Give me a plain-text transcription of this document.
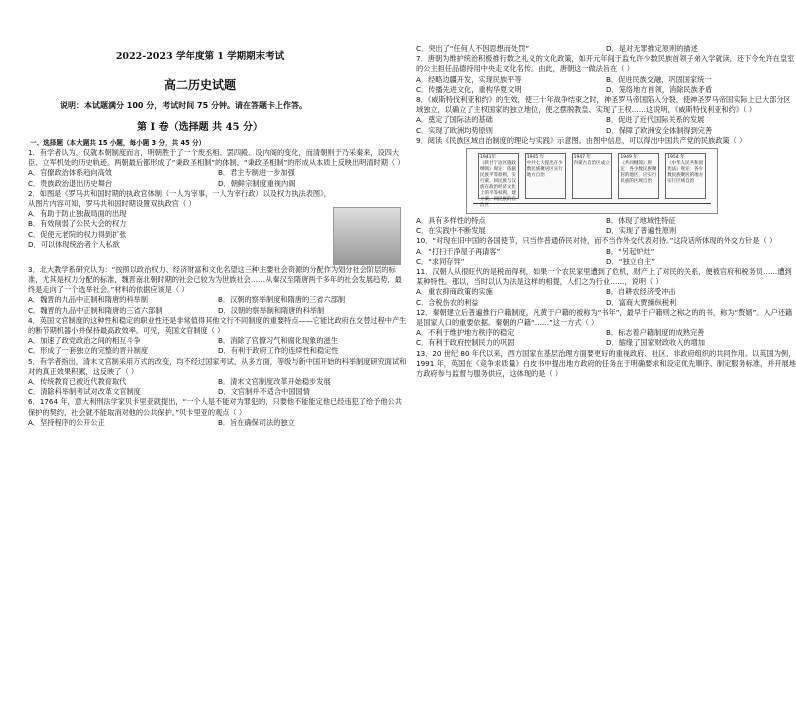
2022-2023 学年度第 1 学期期末考试
高二历史试题
说明：本试题满分 100 分，考试时间 75 分钟。请在答题卡上作答。
第 Ⅰ 卷（选择题 共 45 分）
一、选择题（本大题共 15 小题，每小题 3 分，共 45 分）
1．有学者认为，仅就本朝制度而言，明朝胜于了一个废丞相、罢四殿、设内阁的变化，而清朝则于乃采秦来，设四大臣、立军机处的历史轨迹。两朝最后都形成了“秉政圣相制”的体制，“秉政圣相制”的形成从本质上反映出明清时期（ ）
A．官僚政治体系趋向高效	B．君主专制进一步加强
C．贵族政治退出历史舞台	D．朝鲜宗制度重视内阁
2．如图是《罗马共和国时期的执政官体制（一人为宰事，一人为宰行政）以及权力执法表图》，从图片内容可知，罗马共和国时期设置双执政官（ ）
A．有助于防止独裁局面的出现
B．有效削弱了公民大会的权力
C．促使元老院的权力得到扩张
D．可以体现统治者个人私欲
3．北大教学系研究认为：“按照以政治权力、经济财富和文化名望这三种主要社会资源的分配作为划分社会阶层的标准，尤其是权力分配的标准，魏晋南北朝时期的社会已较为为世族社会……从秦汉至隋唐两千多年的社会发展趋势，最终是走向了一个选举社会。”材料的依据应该是（ ）
A．魏晋的九品中正制和隋唐的科举制	B．汉朝的察举制度和隋唐的三省六部制
C．魏晋的九品中正制和隋唐的三省六部制	D．汉朝的察举制和隋唐的科举制
4．英国文官制度的这种性和稳定的职业性还是非常值得其他文行不同制度的重要特点——它能比政府在交替过程中产生的断节期机器小并保持最高政效率。可见，英国文官制度（ ）
A．加速了政党政治之间的相互斗争	B．消除了官僚习气和腐化现象的滋生
C．形成了一套独立的完整的晋升制度	D．有利于政府工作的连续性和稳定性
5．有学者指出，清末文官制采用万式的改变，均不经过国家考试，从多方面，等级与新中国开始的科举制度研究面试和对的真正效果积累，这反映了（ ）
A．传统教育已被近代教育取代	B．清末文官制度改革开始稳步发展
C．清除科举制考试对改革文官制度	D．文官制并不适合中国国情
6．1764 年，意大利刑法学家贝卡里亚就提出，“一个人是不能对为罪犯的，只要他不能能定他已经违犯了给予他公共保护的契约，社会就不能取消对他的公共保护。”贝卡里亚的观点（ ）
A．坚持程序的公开公正	B．旨在确保司法的独立
C．突出了“任何人不因思想而处罚”	D．是对无罪推定原则的描述
7．唐朝为维护统治积极推行数之礼义的文化政策，如开元年间于监允许少数民族首领子弟入学就读，还下令允许在皇室的公主担任品德持用中央走文化名传。由此，唐朝这一做法旨在（ ）
A．经略边疆开发，实现民族平等	B．促进民族交融，巩固国家统一
C．传播先进文化，重构华夏文明	D．笼络地方首领，消除民族矛盾
8．《威斯特伐利亚和约》的生效，使三十年战争结束之时，神圣罗马帝国陷入分裂，使神圣罗马帝国实际上已大部分区域独立，以确立了主权国家的独立地位，使之摆脱教皇、实现了王权……这说明，《威斯特伐利亚和约》（ ）
A．奠定了国际法的基础	B．促进了近代国际关系的发展
C．实现了欧洲均势原则	D．保障了欧洲安全体制得到完善
9．阅读《民族区域自治制度的理论与实践》示意图。由图中信息，可以得出中国共产党的民族政策（ ）
1941年
《陕甘宁边区施政纲领》规定：依据民族平等原则，实行蒙、回民族与汉族在政治经济文化上的平等权利，建立蒙、回民族的自治区
1945 年
中共七大提出在少数民族聚居区实行地方自治
1947 年
内蒙古自治区成立
1949 年
《共同纲领》规定：各少数民族聚居的地区，应实行民族的区域自治
1954 年
《中华人民共和国宪法》规定：各少数民族聚居的地方实行区域自治
A．具有多样性的特点	B．体现了地域性特征
C．在实践中不断发展	D．实现了普遍性原则
10．“对现在旧中国的各国使节，只当作普通侨民对待，而不当作外交代表对待。”这段话所体现的外交方针是（ ）
A．“打扫干净屋子再请客”	B．“另起炉灶”
C．“求同存异”	D．“独立自主”
11．汉朝人从很旺代的是税而得利，如果一个农民家里遭到了危机，财产上了对民的关系，便被官府和税务员……遭到某种特性。那以，当时以认为法是这样的相提，人们之为行业……，说明（ ）
A．重农抑商政策的实施	B．自耕农经济受冲击
C．合税伤农的利益	D．富商大贾操纵税利
12．秦朝建立后普遍推行户籍制度，凡黄于户籍的被称为“书年”，最早于户籍则之称之的的书，称为“赘婿”。入户还籍是国家人口的重要依据。秦朝的户籍“……”这一方式（ ）
A．不利于维护地方秩序的稳定	B．标志着户籍制度的成熟完善
C．有利于政府控制民力的巩固	D．缩缘了国家财政收入的增加
13．20 世纪 80 年代以来，西方国家在基层治理方面要更好的重视政府、社区、非政府组织的共同作用。以英国为例，1991 年，英国在《竞争求质量》白皮书中提出地方政府的任务在于明确要求和设定优先顺序、制定服务标准，并开展地方政府参与监督与服务供应，这体现的是（ ）
